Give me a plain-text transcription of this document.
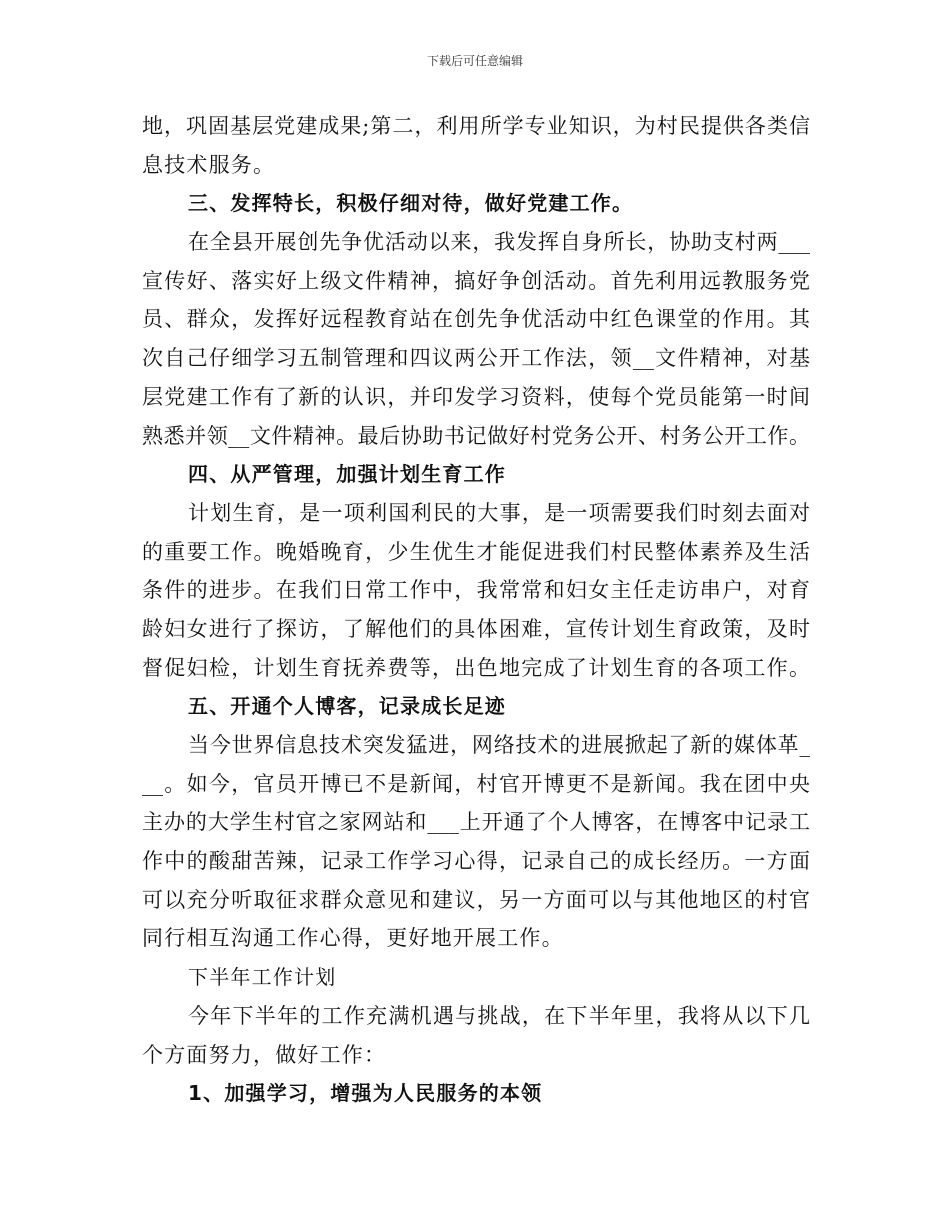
下载后可任意编辑
地，巩固基层党建成果;第二，利用所学专业知识，为村民提供各类信
息技术服务。
三、发挥特长，积极仔细对待，做好党建工作。
在全县开展创先争优活动以来，我发挥自身所长，协助支村两___
宣传好、落实好上级文件精神，搞好争创活动。首先利用远教服务党
员、群众，发挥好远程教育站在创先争优活动中红色课堂的作用。其
次自己仔细学习五制管理和四议两公开工作法，领__文件精神，对基
层党建工作有了新的认识，并印发学习资料，使每个党员能第一时间
熟悉并领__文件精神。最后协助书记做好村党务公开、村务公开工作。
四、从严管理，加强计划生育工作
计划生育，是一项利国利民的大事，是一项需要我们时刻去面对
的重要工作。晚婚晚育，少生优生才能促进我们村民整体素养及生活
条件的进步。在我们日常工作中，我常常和妇女主任走访串户，对育
龄妇女进行了探访，了解他们的具体困难，宣传计划生育政策，及时
督促妇检，计划生育抚养费等，出色地完成了计划生育的各项工作。
五、开通个人博客，记录成长足迹
当今世界信息技术突发猛进，网络技术的进展掀起了新的媒体革_
__。如今，官员开博已不是新闻，村官开博更不是新闻。我在团中央
主办的大学生村官之家网站和___上开通了个人博客，在博客中记录工
作中的酸甜苦辣，记录工作学习心得，记录自己的成长经历。一方面
可以充分听取征求群众意见和建议，另一方面可以与其他地区的村官
同行相互沟通工作心得，更好地开展工作。
下半年工作计划
今年下半年的工作充满机遇与挑战，在下半年里，我将从以下几
个方面努力，做好工作：
1、加强学习，增强为人民服务的本领
